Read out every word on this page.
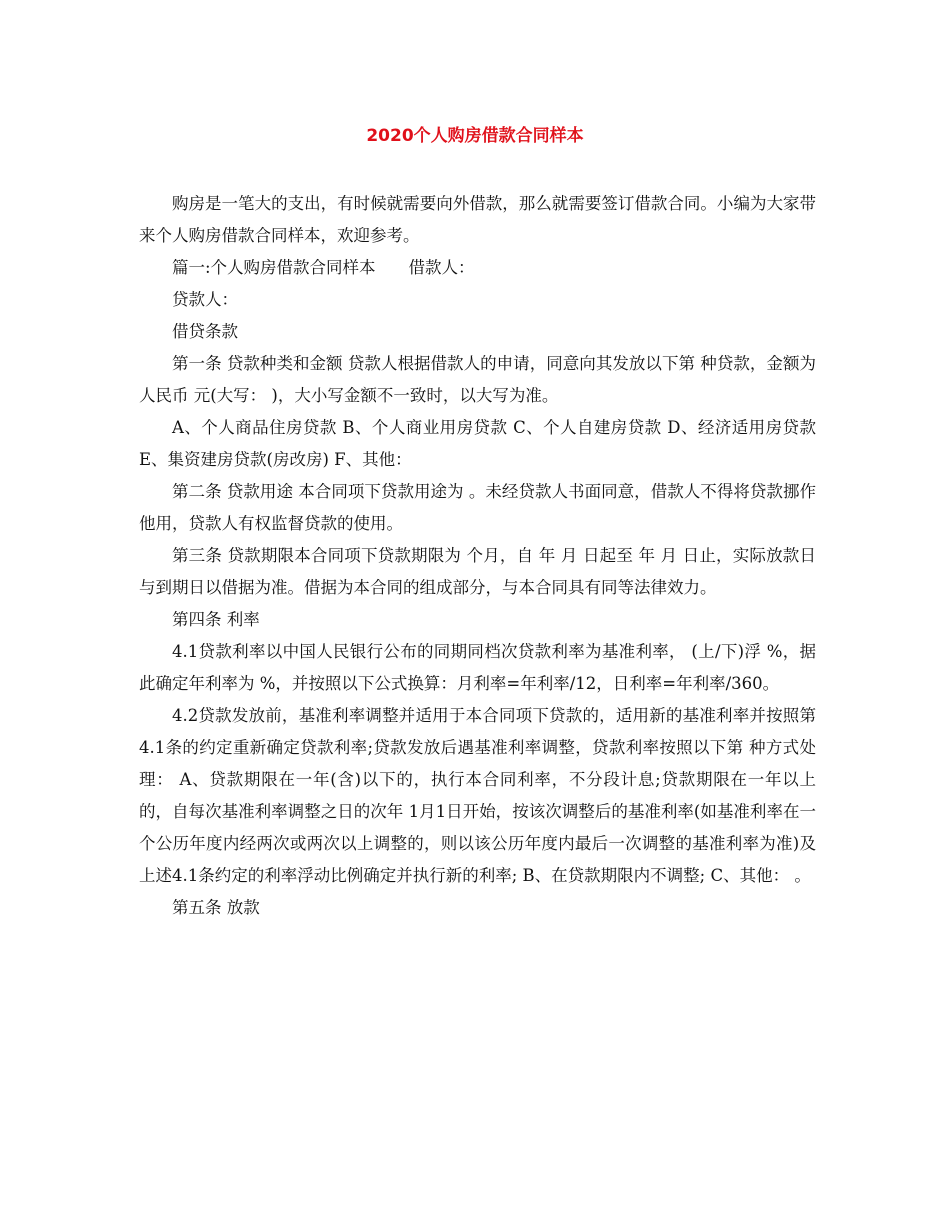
2020个人购房借款合同样本

购房是一笔大的支出，有时候就需要向外借款，那么就需要签订借款合同。小编为大家带来个人购房借款合同样本，欢迎参考。

篇一:个人购房借款合同样本　　借款人：

贷款人：

借贷条款

第一条 贷款种类和金额 贷款人根据借款人的申请，同意向其发放以下第 种贷款，金额为人民币 元(大写： )，大小写金额不一致时，以大写为准。

A、个人商品住房贷款 B、个人商业用房贷款 C、个人自建房贷款 D、经济适用房贷款 E、集资建房贷款(房改房) F、其他：

第二条 贷款用途 本合同项下贷款用途为 。未经贷款人书面同意，借款人不得将贷款挪作他用，贷款人有权监督贷款的使用。

第三条 贷款期限本合同项下贷款期限为 个月，自 年 月 日起至 年 月 日止，实际放款日与到期日以借据为准。借据为本合同的组成部分，与本合同具有同等法律效力。

第四条 利率

4.1贷款利率以中国人民银行公布的同期同档次贷款利率为基准利率， (上/下)浮 %，据此确定年利率为 %，并按照以下公式换算：月利率=年利率/12，日利率=年利率/360。

4.2贷款发放前，基准利率调整并适用于本合同项下贷款的，适用新的基准利率并按照第4.1条的约定重新确定贷款利率;贷款发放后遇基准利率调整，贷款利率按照以下第 种方式处理： A、贷款期限在一年(含)以下的，执行本合同利率，不分段计息;贷款期限在一年以上的，自每次基准利率调整之日的次年 1月1日开始，按该次调整后的基准利率(如基准利率在一个公历年度内经两次或两次以上调整的，则以该公历年度内最后一次调整的基准利率为准)及上述4.1条约定的利率浮动比例确定并执行新的利率; B、在贷款期限内不调整; C、其他： 。

第五条 放款
